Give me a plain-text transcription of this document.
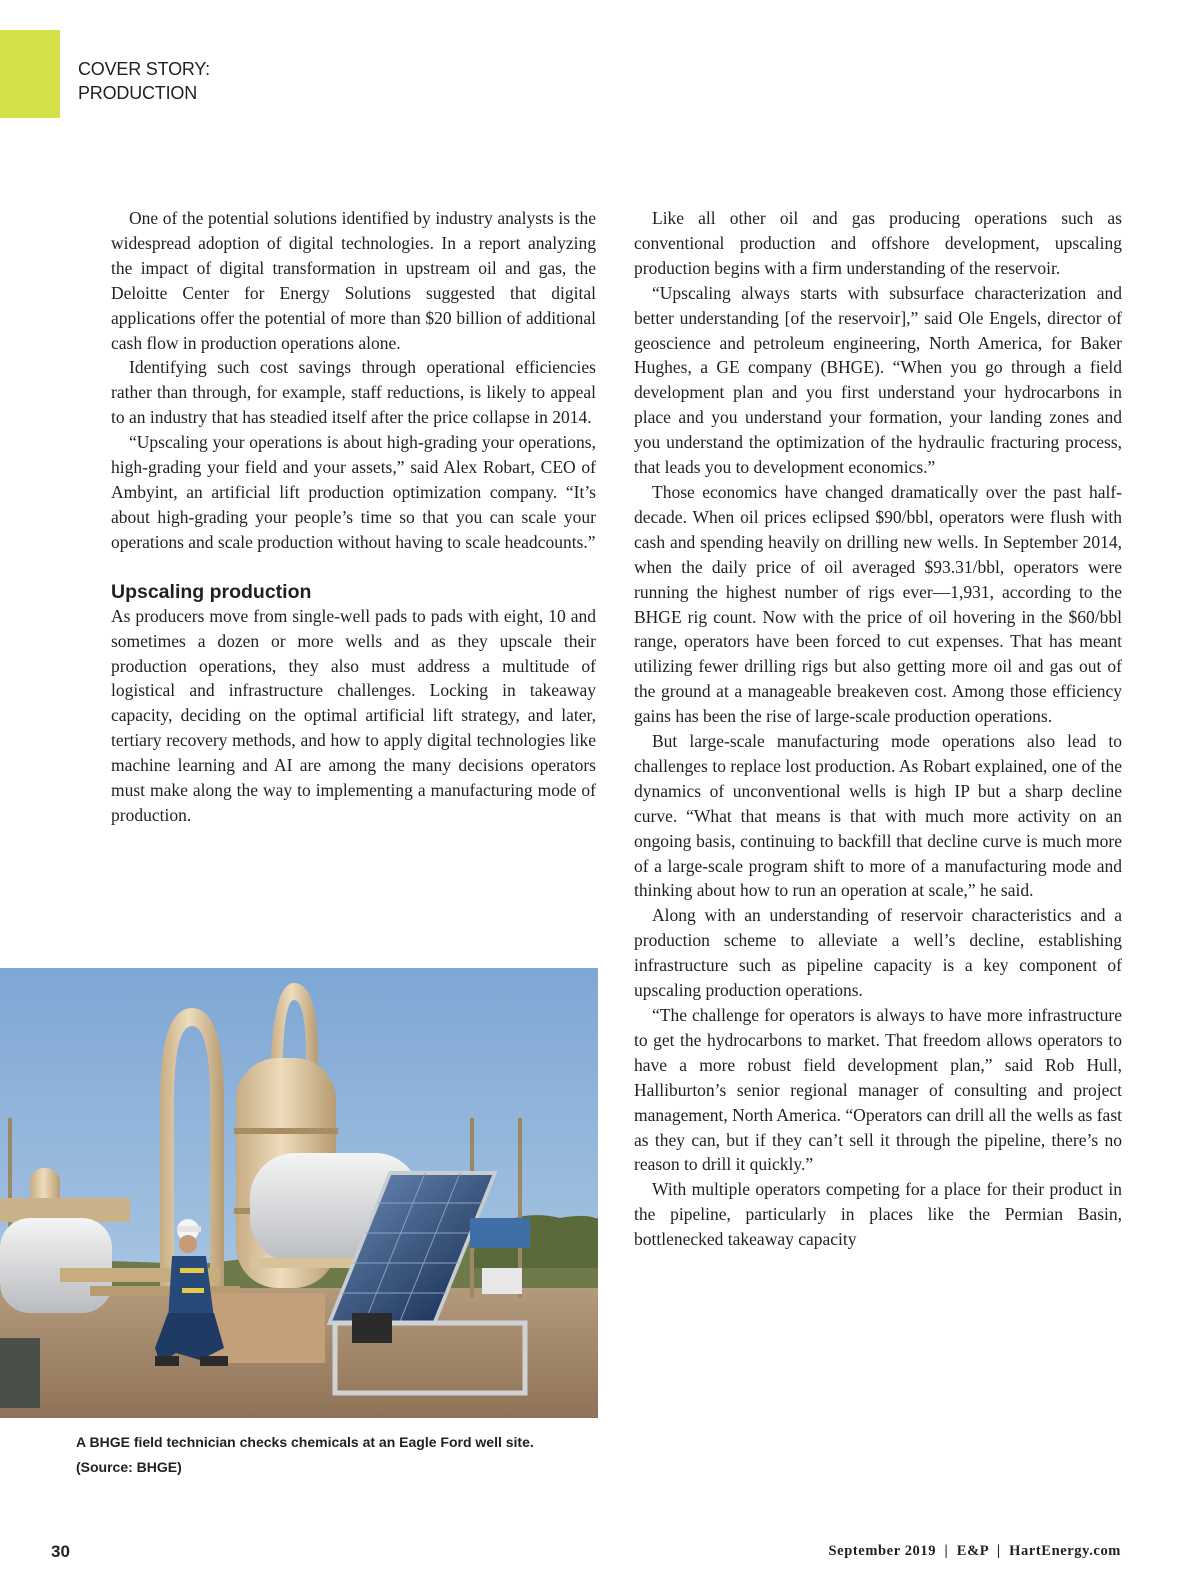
COVER STORY:
PRODUCTION

One of the potential solutions identified by industry analysts is the widespread adoption of digital technologies. In a report analyzing the impact of digital transformation in upstream oil and gas, the Deloitte Center for Energy Solutions suggested that digital applications offer the potential of more than $20 billion of additional cash flow in production operations alone.

Identifying such cost savings through operational efficiencies rather than through, for example, staff reductions, is likely to appeal to an industry that has steadied itself after the price collapse in 2014.

“Upscaling your operations is about high-grading your operations, high-grading your field and your assets,” said Alex Robart, CEO of Ambyint, an artificial lift production optimization company. “It’s about high-grading your people’s time so that you can scale your operations and scale production without having to scale headcounts.”

Upscaling production

As producers move from single-well pads to pads with eight, 10 and sometimes a dozen or more wells and as they upscale their production operations, they also must address a multitude of logistical and infrastructure challenges. Locking in takeaway capacity, deciding on the optimal artificial lift strategy, and later, tertiary recovery methods, and how to apply digital technologies like machine learning and AI are among the many decisions operators must make along the way to implementing a manufacturing mode of production.

Like all other oil and gas producing operations such as conventional production and offshore development, upscaling production begins with a firm understanding of the reservoir.

“Upscaling always starts with subsurface characterization and better understanding [of the reservoir],” said Ole Engels, director of geoscience and petroleum engineering, North America, for Baker Hughes, a GE company (BHGE). “When you go through a field development plan and you first understand your hydrocarbons in place and you understand your formation, your landing zones and you understand the optimization of the hydraulic fracturing process, that leads you to development economics.”

Those economics have changed dramatically over the past half-decade. When oil prices eclipsed $90/bbl, operators were flush with cash and spending heavily on drilling new wells. In September 2014, when the daily price of oil averaged $93.31/bbl, operators were running the highest number of rigs ever—1,931, according to the BHGE rig count. Now with the price of oil hovering in the $60/bbl range, operators have been forced to cut expenses. That has meant utilizing fewer drilling rigs but also getting more oil and gas out of the ground at a manageable breakeven cost. Among those efficiency gains has been the rise of large-scale production operations.

But large-scale manufacturing mode operations also lead to challenges to replace lost production. As Robart explained, one of the dynamics of unconventional wells is high IP but a sharp decline curve. “What that means is that with much more activity on an ongoing basis, continuing to backfill that decline curve is much more of a large-scale program shift to more of a manufacturing mode and thinking about how to run an operation at scale,” he said.

Along with an understanding of reservoir characteristics and a production scheme to alleviate a well’s decline, establishing infrastructure such as pipeline capacity is a key component of upscaling production operations.

“The challenge for operators is always to have more infrastructure to get the hydrocarbons to market. That freedom allows operators to have a more robust field development plan,” said Rob Hull, Halliburton’s senior regional manager of consulting and project management, North America. “Operators can drill all the wells as fast as they can, but if they can’t sell it through the pipeline, there’s no reason to drill it quickly.”

With multiple operators competing for a place for their product in the pipeline, particularly in places like the Permian Basin, bottlenecked takeaway capacity

A BHGE field technician checks chemicals at an Eagle Ford well site.
(Source: BHGE)
30	September 2019  |  E&P  |  HartEnergy.com
